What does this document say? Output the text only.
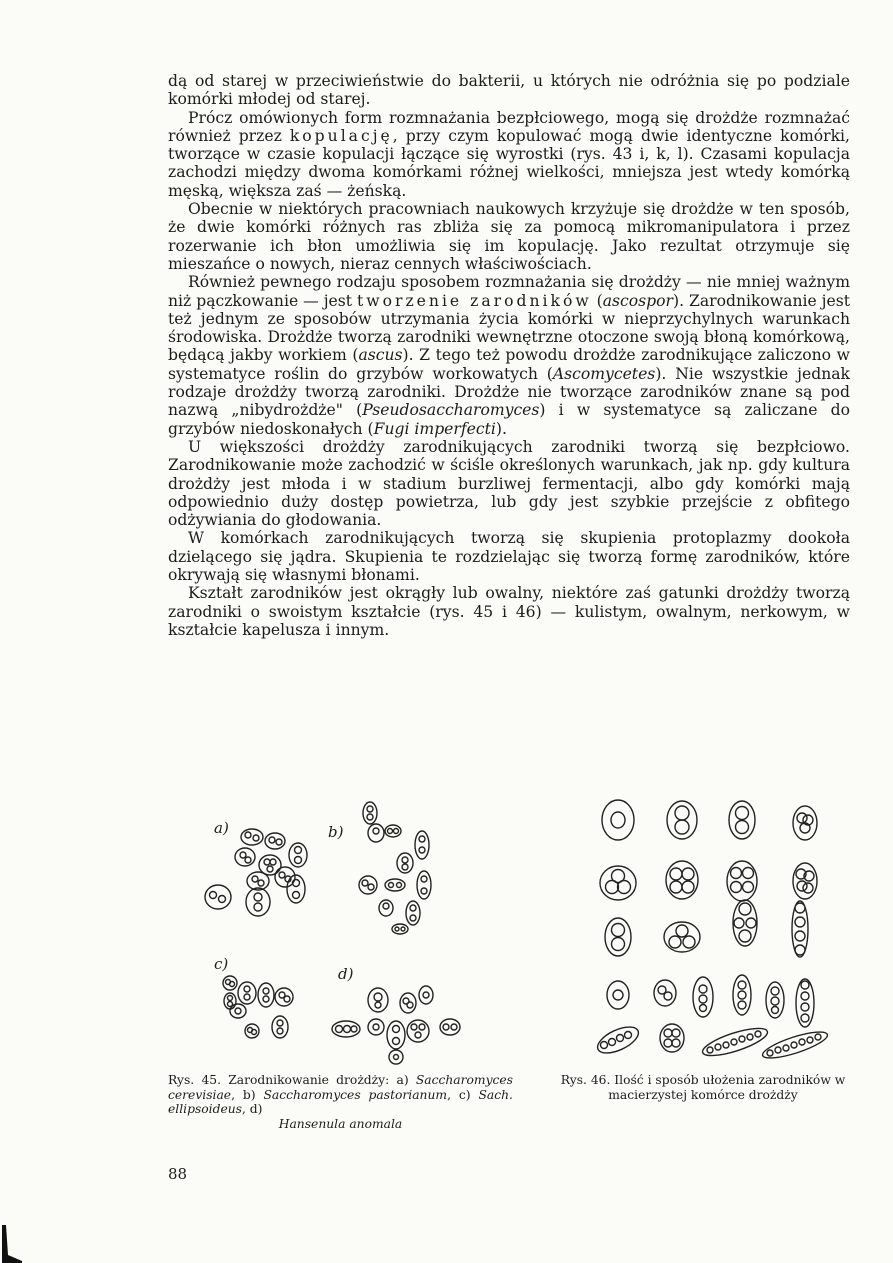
dą od starej w przeciwieństwie do bakterii, u których nie odróżnia się po podziale komórki młodej od starej.

Prócz omówionych form rozmnażania bezpłciowego, mogą się drożdże rozmnażać również przez kopulację, przy czym kopulować mogą dwie identyczne komórki, tworzące w czasie kopulacji łączące się wyrostki (rys. 43 i, k, l). Czasami kopulacja zachodzi między dwoma komórkami różnej wielkości, mniejsza jest wtedy komórką męską, większa zaś — żeńską.

Obecnie w niektórych pracowniach naukowych krzyżuje się drożdże w ten sposób, że dwie komórki różnych ras zbliża się za pomocą mikromanipulatora i przez rozerwanie ich błon umożliwia się im kopulację. Jako rezultat otrzymuje się mieszańce o nowych, nieraz cennych właściwościach.

Również pewnego rodzaju sposobem rozmnażania się drożdży — nie mniej ważnym niż pączkowanie — jest tworzenie zarodników (ascospor). Zarodnikowanie jest też jednym ze sposobów utrzymania życia komórki w nieprzychylnych warunkach środowiska. Drożdże tworzą zarodniki wewnętrzne otoczone swoją błoną komórkową, będącą jakby workiem (ascus). Z tego też powodu drożdże zarodnikujące zaliczono w systematyce roślin do grzybów workowatych (Ascomycetes). Nie wszystkie jednak rodzaje drożdży tworzą zarodniki. Drożdże nie tworzące zarodników znane są pod nazwą „nibydrożdże" (Pseudosaccharomyces) i w systematyce są zaliczane do grzybów niedoskonałych (Fugi imperfecti).

U większości drożdży zarodnikujących zarodniki tworzą się bezpłciowo. Zarodnikowanie może zachodzić w ściśle określonych warunkach, jak np. gdy kultura drożdży jest młoda i w stadium burzliwej fermentacji, albo gdy komórki mają odpowiednio duży dostęp powietrza, lub gdy jest szybkie przejście z obfitego odżywiania do głodowania.

W komórkach zarodnikujących tworzą się skupienia protoplazmy dookoła dzielącego się jądra. Skupienia te rozdzielając się tworzą formę zarodników, które okrywają się własnymi błonami.

Kształt zarodników jest okrągły lub owalny, niektóre zaś gatunki drożdży tworzą zarodniki o swoistym kształcie (rys. 45 i 46) — kulistym, owalnym, nerkowym, w kształcie kapelusza i innym.

a)	b)
c)
d)
Rys. 45. Zarodnikowanie drożdży: a) Saccharomyces cerevisiae, b) Saccharomyces pastorianum, c) Sach. ellipsoideus, d)
Hansenula anomala
Rys. 46. Ilość i sposób ułożenia zarodników w macierzystej komórce drożdży
88
